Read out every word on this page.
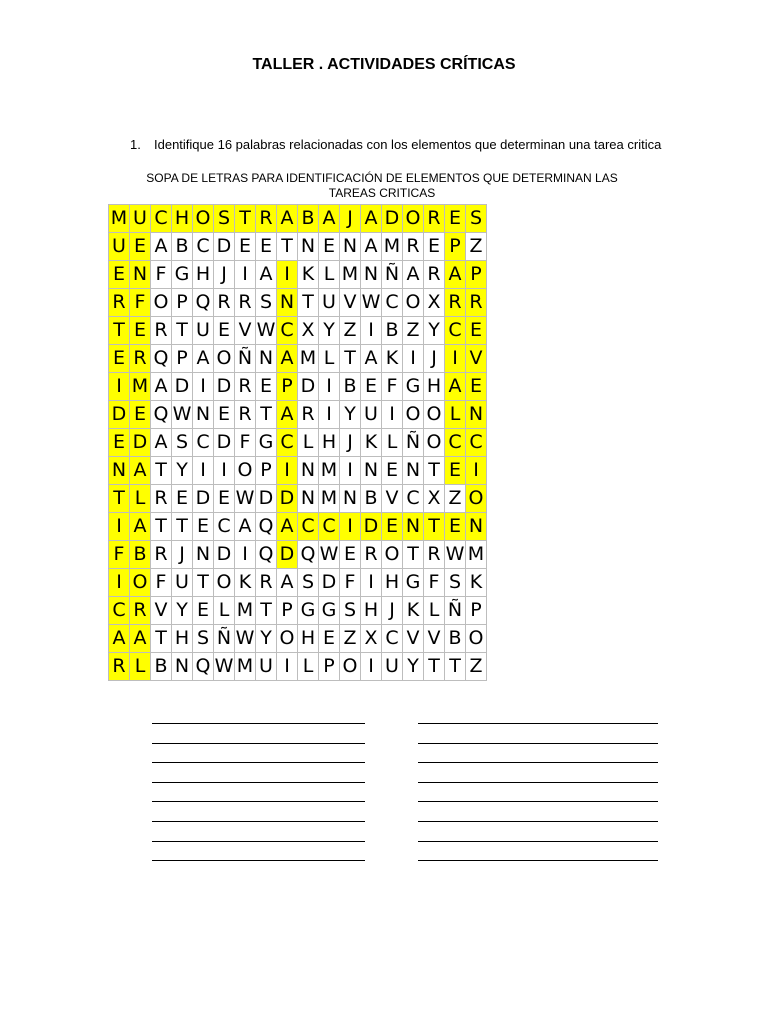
TALLER . ACTIVIDADES CRÍTICAS
1. Identifique 16 palabras relacionadas con los elementos que determinan una tarea critica
SOPA DE LETRAS PARA IDENTIFICACIÓN DE ELEMENTOS QUE DETERMINAN LAS
TAREAS CRITICAS
M	U	C	H	O	S	T	R	A	B	A	J	A	D	O	R	E	S
U	E	A	B	C	D	E	E	T	N	E	N	A	M	R	E	P	Z
E	N	F	G	H	J	I	A	I	K	L	M	N	Ñ	A	R	A	P
R	F	O	P	Q	R	R	S	N	T	U	V	W	C	O	X	R	R
T	E	R	T	U	E	V	W	C	X	Y	Z	I	B	Z	Y	C	E
E	R	Q	P	A	O	Ñ	N	A	M	L	T	A	K	I	J	I	V
I	M	A	D	I	D	R	E	P	D	I	B	E	F	G	H	A	E
D	E	Q	W	N	E	R	T	A	R	I	Y	U	I	O	O	L	N
E	D	A	S	C	D	F	G	C	L	H	J	K	L	Ñ	O	C	C
N	A	T	Y	I	I	O	P	I	N	M	I	N	E	N	T	E	I
T	L	R	E	D	E	W	D	D	N	M	N	B	V	C	X	Z	O
I	A	T	T	E	C	A	Q	A	C	C	I	D	E	N	T	E	N
F	B	R	J	N	D	I	Q	D	Q	W	E	R	O	T	R	W	M
I	O	F	U	T	O	K	R	A	S	D	F	I	H	G	F	S	K
C	R	V	Y	E	L	M	T	P	G	G	S	H	J	K	L	Ñ	P
A	A	T	H	S	Ñ	W	Y	O	H	E	Z	X	C	V	V	B	O
R	L	B	N	Q	W	M	U	I	L	P	O	I	U	Y	T	T	Z
